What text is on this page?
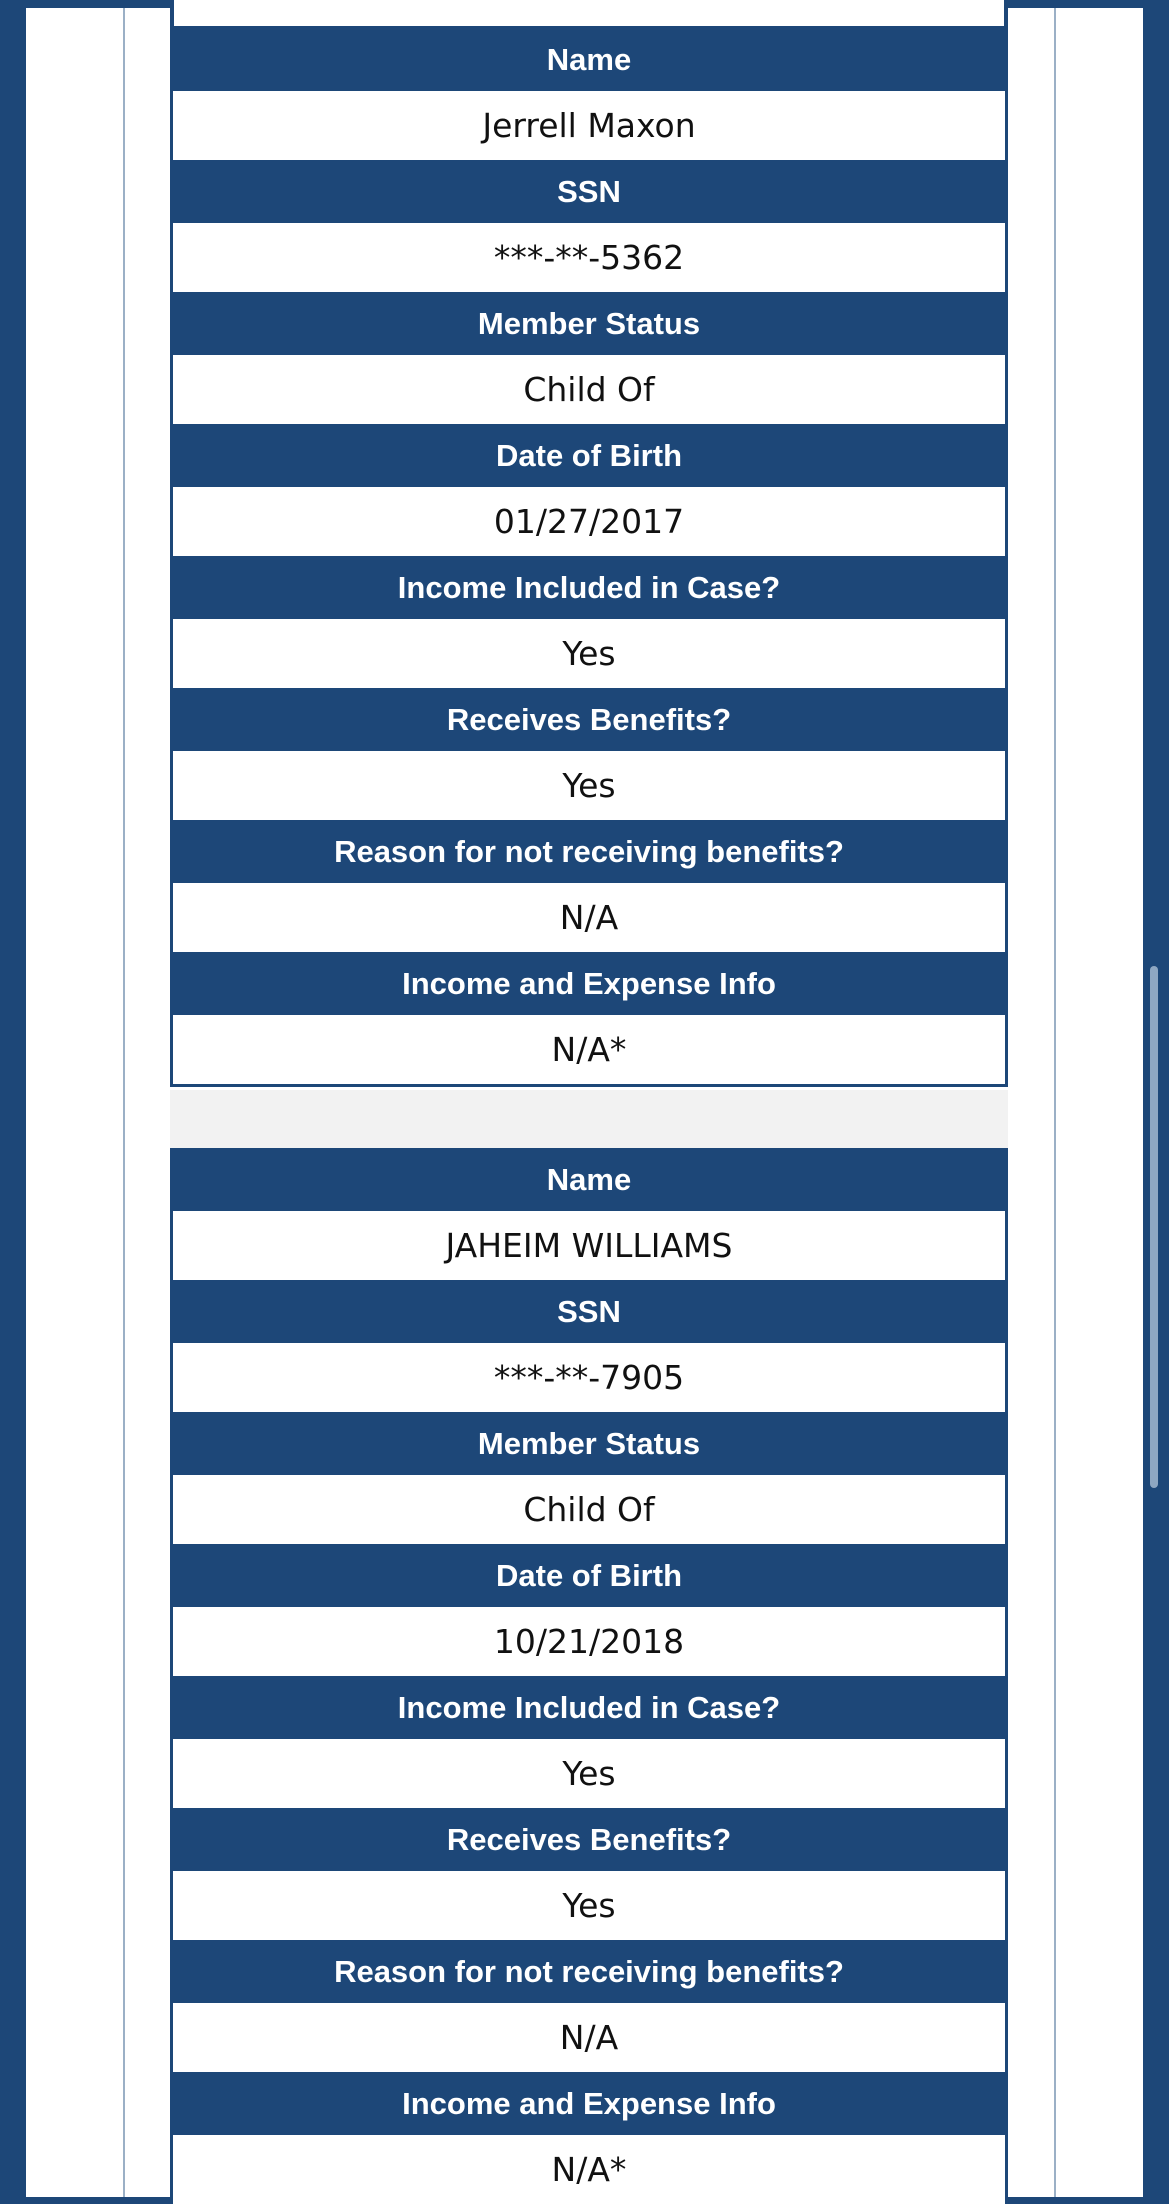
Name
Jerrell Maxon
SSN
***-**-5362
Member Status
Child Of
Date of Birth
01/27/2017
Income Included in Case?
Yes
Receives Benefits?
Yes
Reason for not receiving benefits?
N/A
Income and Expense Info
N/A*
Name
JAHEIM WILLIAMS
SSN
***-**-7905
Member Status
Child Of
Date of Birth
10/21/2018
Income Included in Case?
Yes
Receives Benefits?
Yes
Reason for not receiving benefits?
N/A
Income and Expense Info
N/A*
